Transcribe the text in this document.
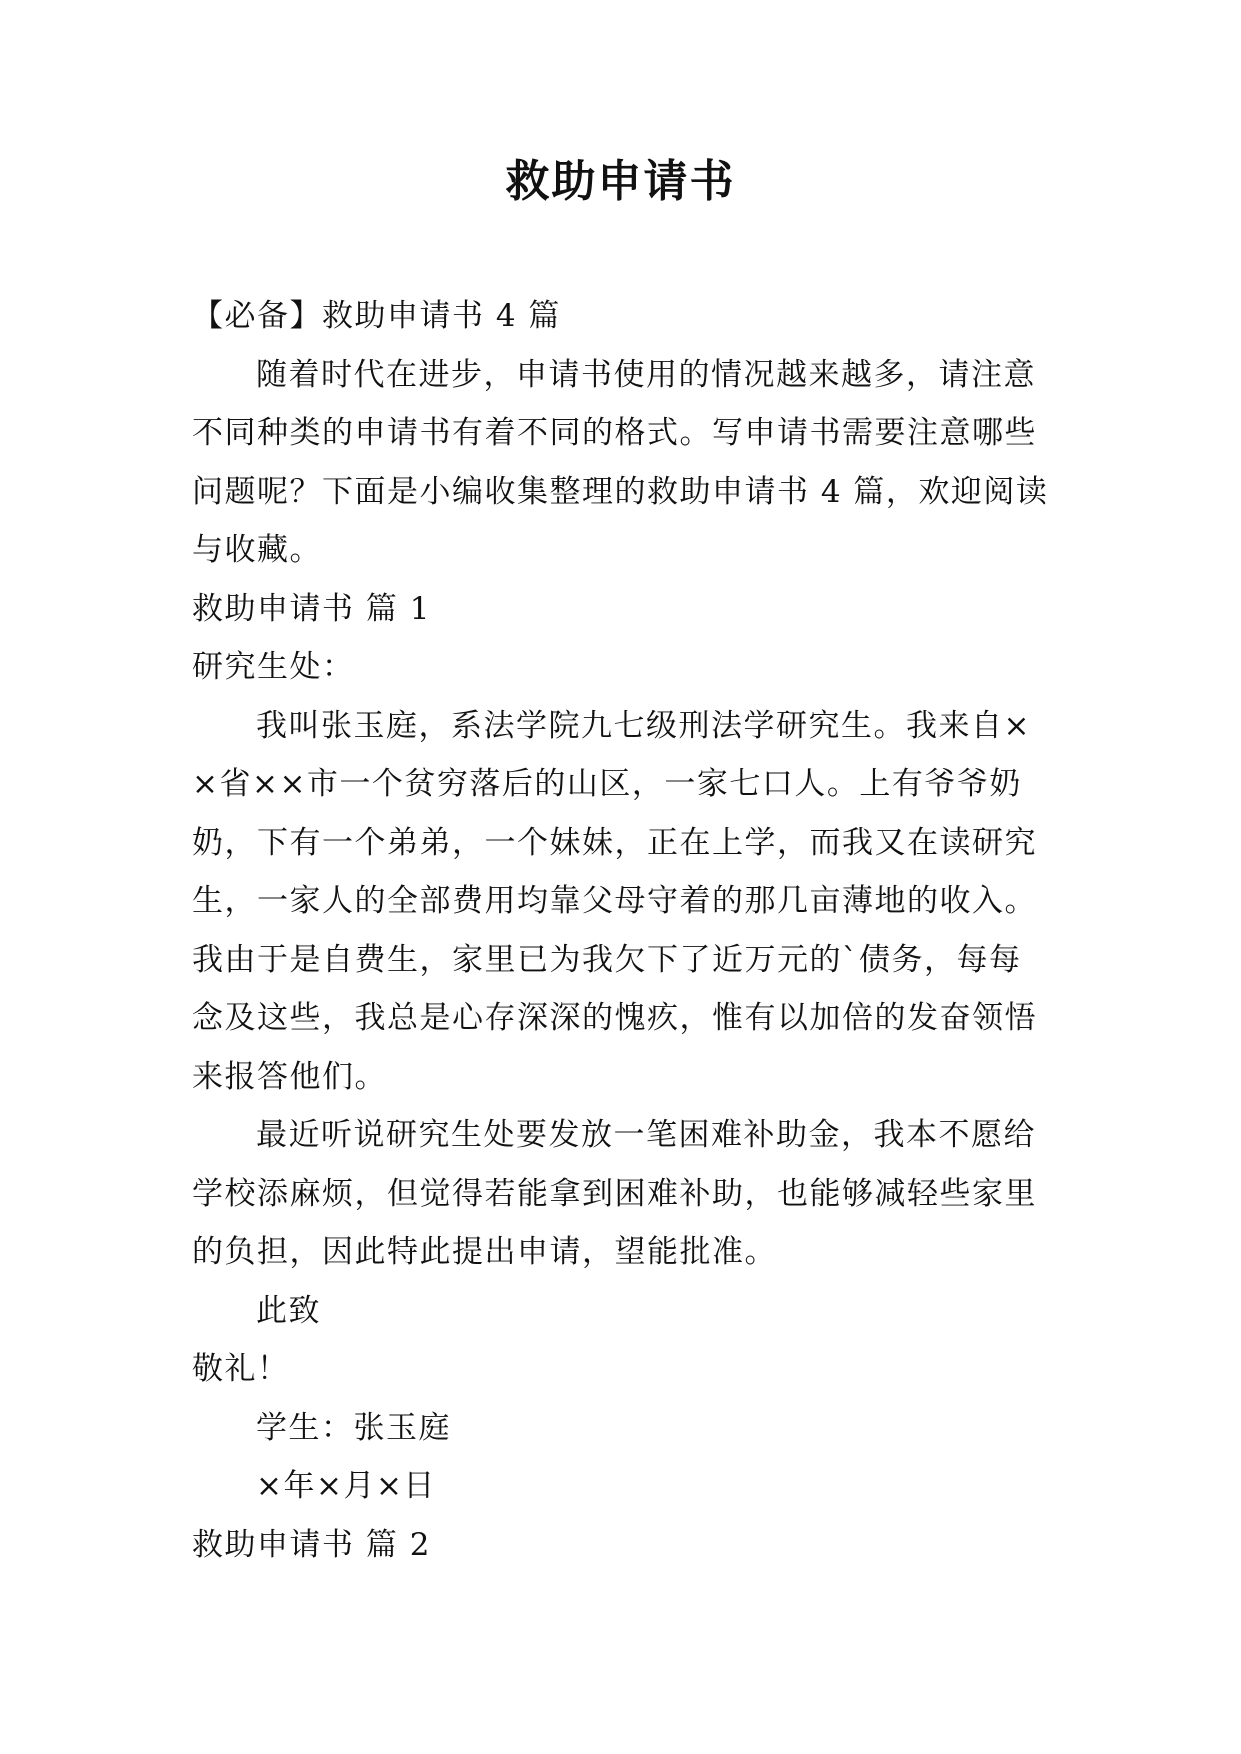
救助申请书
【必备】救助申请书 4 篇
随着时代在进步，申请书使用的情况越来越多，请注意
不同种类的申请书有着不同的格式。写申请书需要注意哪些
问题呢？下面是小编收集整理的救助申请书 4 篇，欢迎阅读
与收藏。
救助申请书 篇 1
研究生处：
我叫张玉庭，系法学院九七级刑法学研究生。我来自×
×省××市一个贫穷落后的山区，一家七口人。上有爷爷奶
奶，下有一个弟弟，一个妹妹，正在上学，而我又在读研究
生，一家人的全部费用均靠父母守着的那几亩薄地的收入。
我由于是自费生，家里已为我欠下了近万元的`债务，每每
念及这些，我总是心存深深的愧疚，惟有以加倍的发奋领悟
来报答他们。
最近听说研究生处要发放一笔困难补助金，我本不愿给
学校添麻烦，但觉得若能拿到困难补助，也能够减轻些家里
的负担，因此特此提出申请，望能批准。
此致
敬礼！
学生：张玉庭
×年×月×日
救助申请书 篇 2
